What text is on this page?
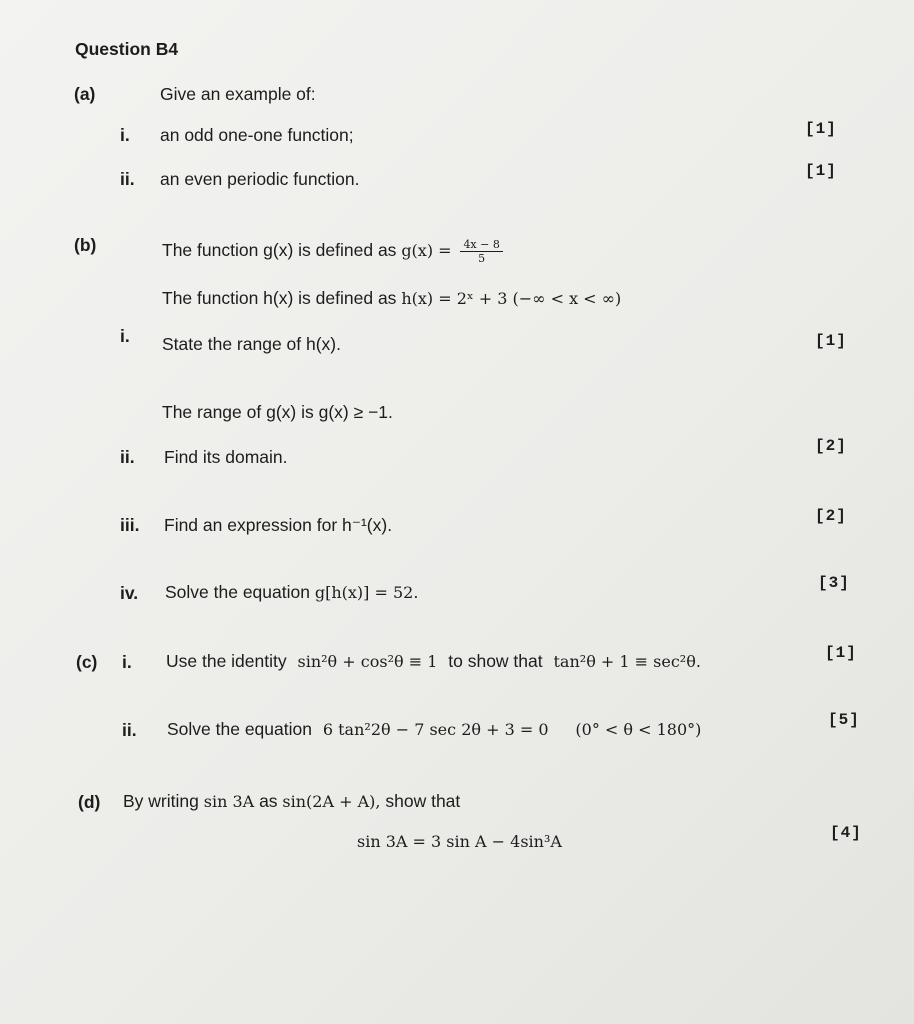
Question B4
(a)	Give an example of:
i. an odd one-one function;	[1]
ii. an even periodic function.	[1]
(b)	The function g(x) is defined as $g(x) = \frac{4x - 8}{5}$
The function h(x) is defined as h(x) = 2ˣ + 3 (−∞ < x < ∞)
i. State the range of h(x).	[1]
The range of g(x) is g(x) ≥ −1.
ii. Find its domain.
[2]
iii. Find an expression for h⁻¹(x).	[2]
iv. Solve the equation g[h(x)] = 52.	[3]
(c) i. Use the identity sin²θ + cos²θ ≡ 1 to show that tan²θ + 1 ≡ sec²θ.	[1]
ii. Solve the equation 6 tan²2θ − 7 sec 2θ + 3 = 0 (0° < θ < 180°)	[5]
(d) By writing sin 3A as sin(2A + A), show that
sin 3A = 3 sin A − 4sin³A	[4]
